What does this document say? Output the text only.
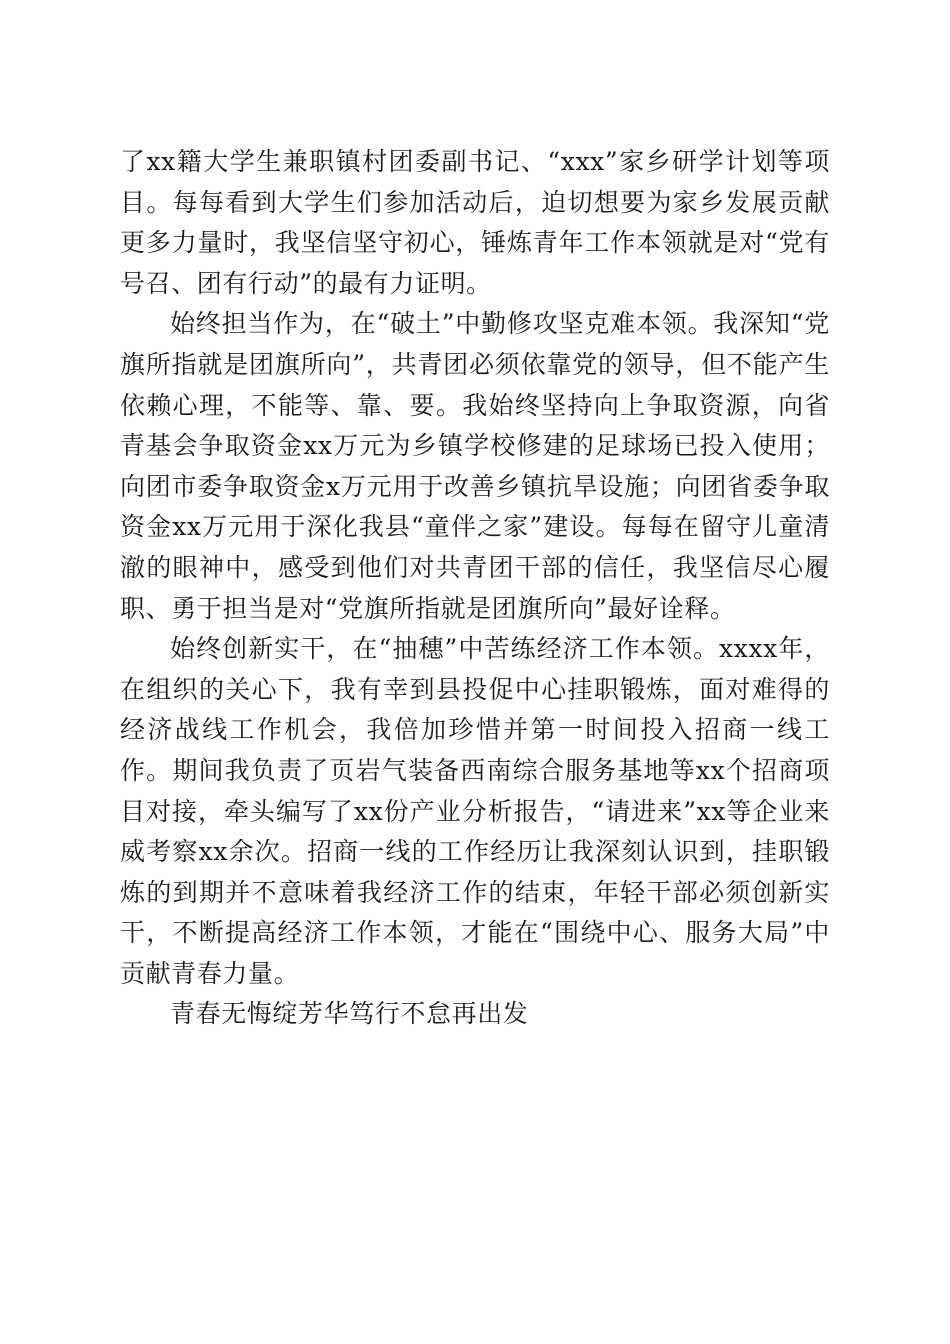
了xx籍大学生兼职镇村团委副书记、“xxx”家乡研学计划等项目。每每看到大学生们参加活动后，迫切想要为家乡发展贡献更多力量时，我坚信坚守初心，锤炼青年工作本领就是对“党有号召、团有行动”的最有力证明。

始终担当作为，在“破土”中勤修攻坚克难本领。我深知“党旗所指就是团旗所向”，共青团必须依靠党的领导，但不能产生依赖心理，不能等、靠、要。我始终坚持向上争取资源，向省青基会争取资金xx万元为乡镇学校修建的足球场已投入使用；向团市委争取资金x万元用于改善乡镇抗旱设施；向团省委争取资金xx万元用于深化我县“童伴之家”建设。每每在留守儿童清澈的眼神中，感受到他们对共青团干部的信任，我坚信尽心履职、勇于担当是对“党旗所指就是团旗所向”最好诠释。

始终创新实干，在“抽穗”中苦练经济工作本领。xxxx年，在组织的关心下，我有幸到县投促中心挂职锻炼，面对难得的经济战线工作机会，我倍加珍惜并第一时间投入招商一线工作。期间我负责了页岩气装备西南综合服务基地等xx个招商项目对接，牵头编写了xx份产业分析报告，“请进来”xx等企业来威考察xx余次。招商一线的工作经历让我深刻认识到，挂职锻炼的到期并不意味着我经济工作的结束，年轻干部必须创新实干，不断提高经济工作本领，才能在“围绕中心、服务大局”中贡献青春力量。

青春无悔绽芳华笃行不怠再出发
